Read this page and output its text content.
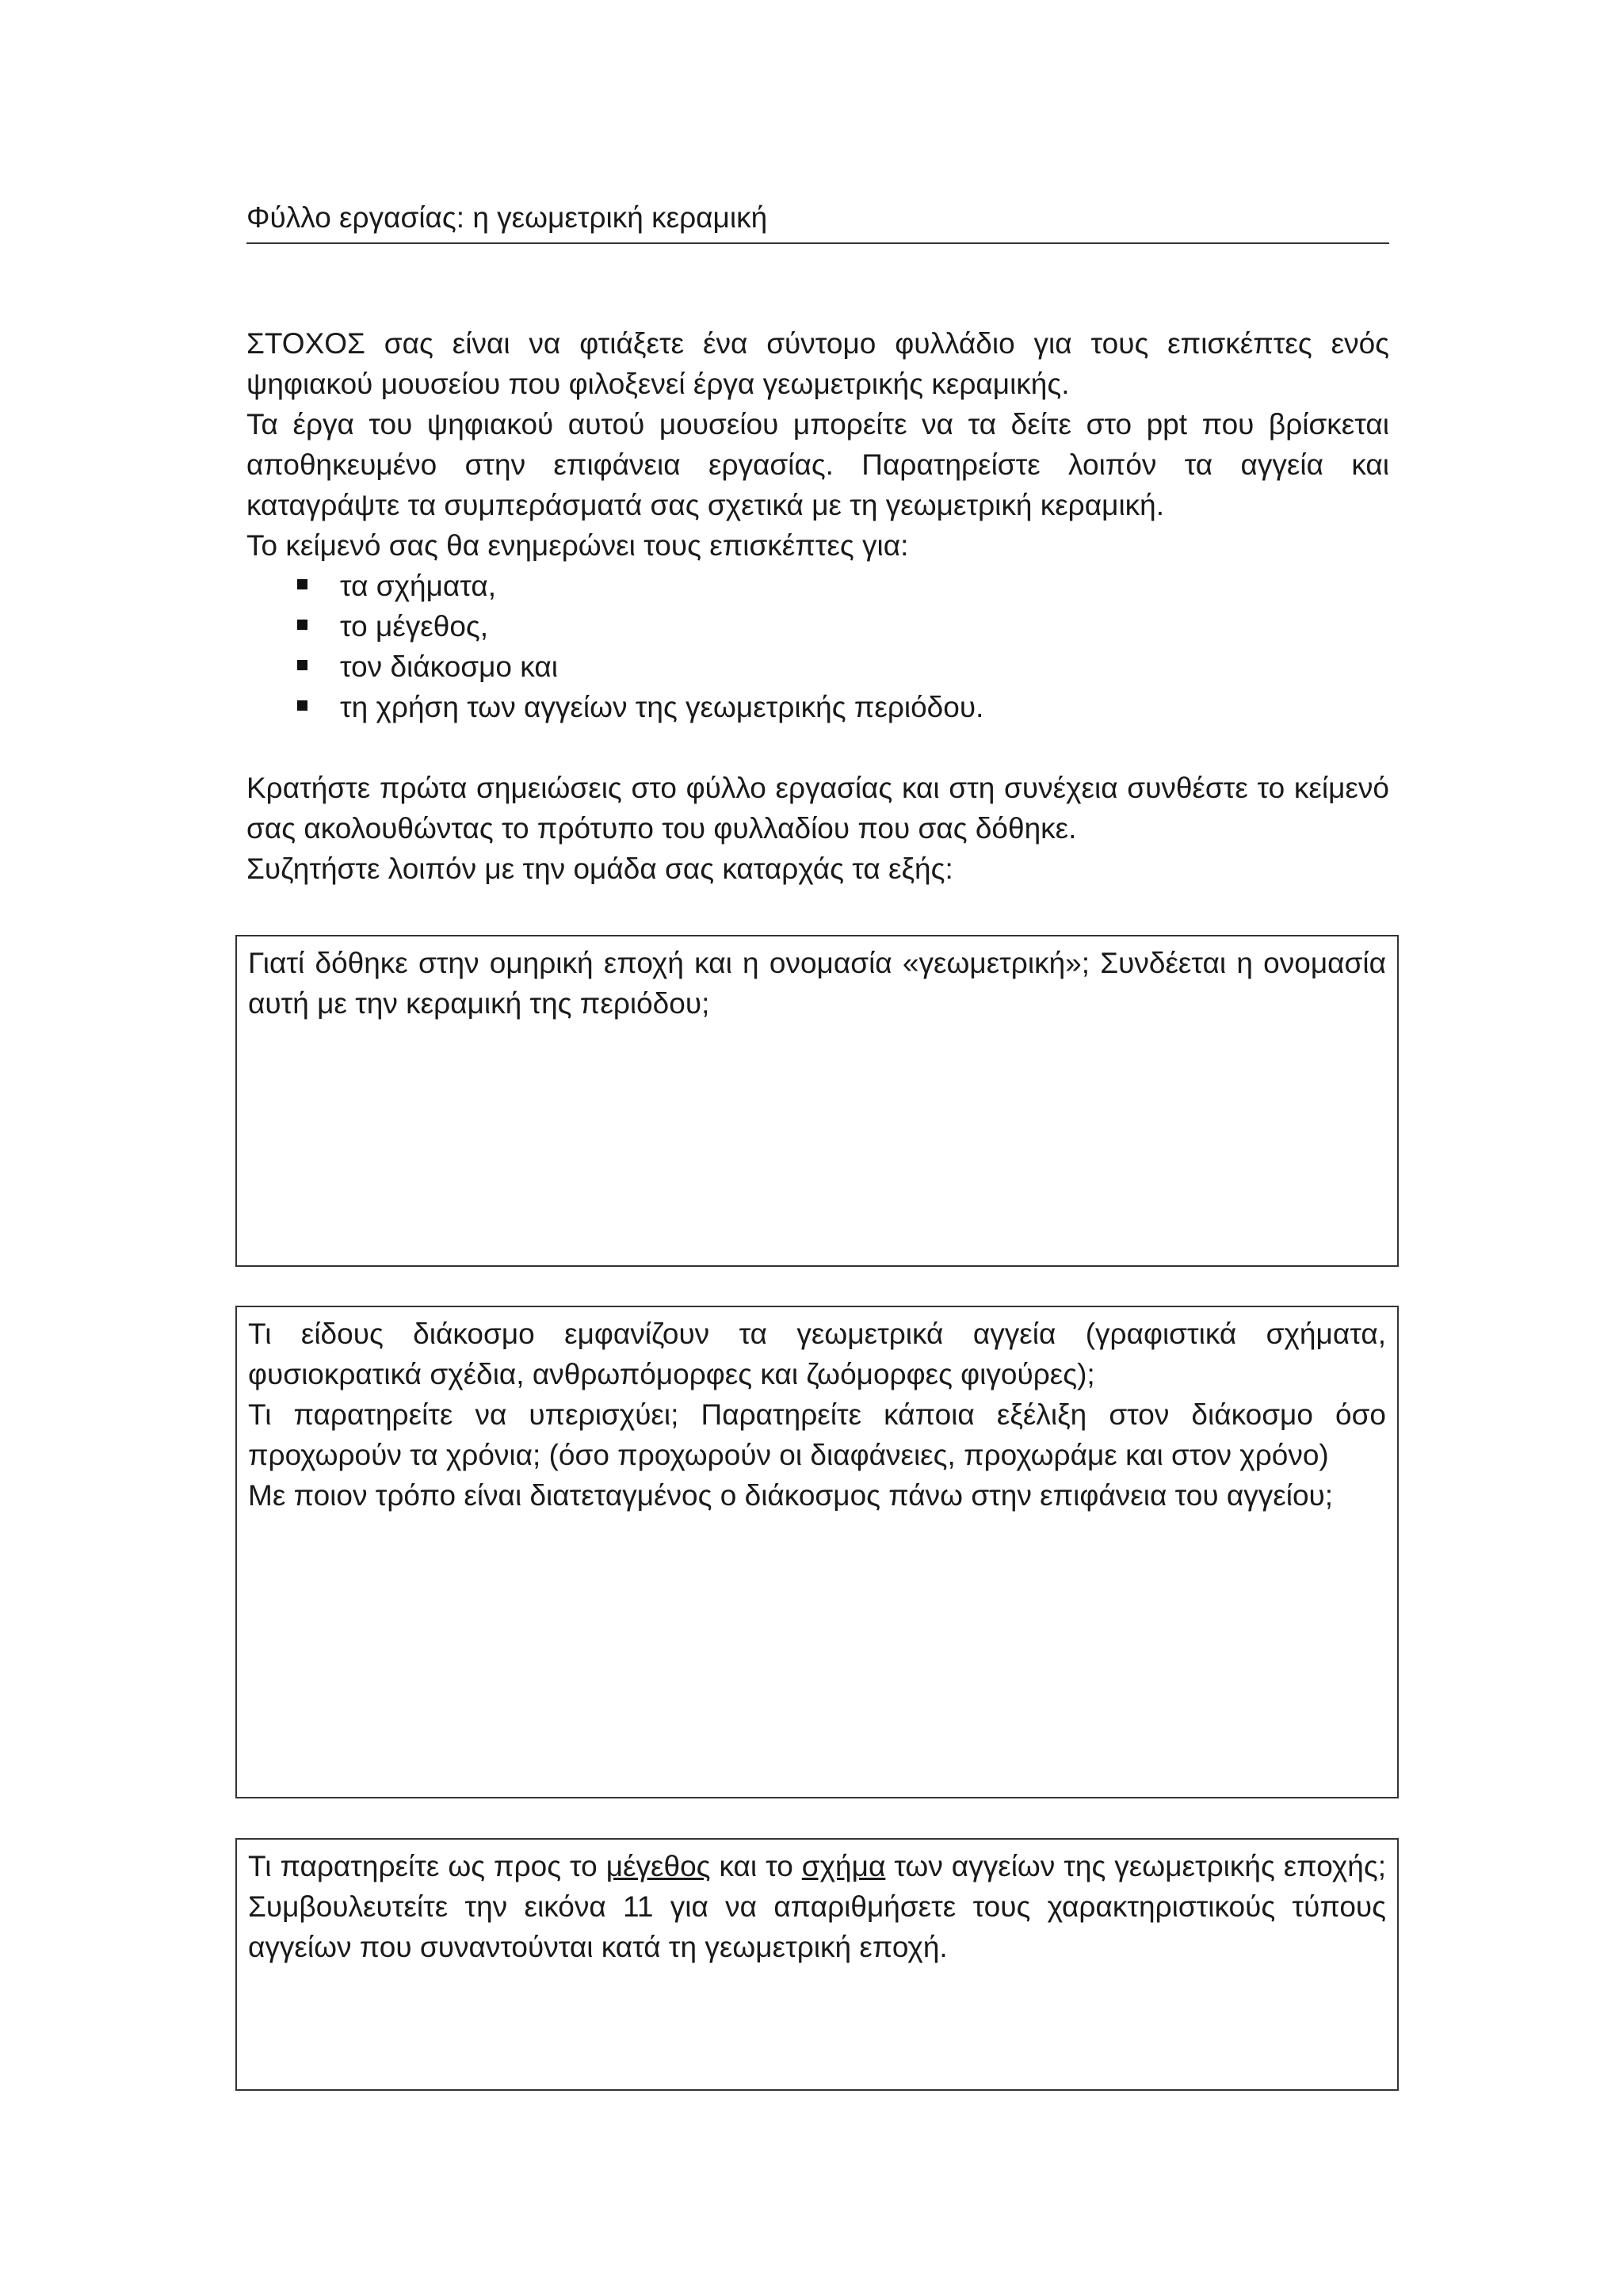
Φύλλο εργασίας: η γεωμετρική κεραμική

ΣΤΟΧΟΣ σας είναι να φτιάξετε ένα σύντομο φυλλάδιο για τους επισκέπτες ενός ψηφιακού μουσείου που φιλοξενεί έργα γεωμετρικής κεραμικής.

Τα έργα του ψηφιακού αυτού μουσείου μπορείτε να τα δείτε στο ppt που βρίσκεται αποθηκευμένο στην επιφάνεια εργασίας. Παρατηρείστε λοιπόν τα αγγεία και καταγράψτε τα συμπεράσματά σας σχετικά με τη γεωμετρική κεραμική.

Το κείμενό σας θα ενημερώνει τους επισκέπτες για:

τα σχήματα,
το μέγεθος,
τον διάκοσμο και
τη χρήση των αγγείων της γεωμετρικής περιόδου.

Κρατήστε πρώτα σημειώσεις στο φύλλο εργασίας και στη συνέχεια συνθέστε το κείμενό σας ακολουθώντας το πρότυπο του φυλλαδίου που σας δόθηκε.

Συζητήστε λοιπόν με την ομάδα σας καταρχάς τα εξής:

Γιατί δόθηκε στην ομηρική εποχή και η ονομασία «γεωμετρική»; Συνδέεται η ονομασία αυτή με την κεραμική της περιόδου;

Τι είδους διάκοσμο εμφανίζουν τα γεωμετρικά αγγεία (γραφιστικά σχήματα, φυσιοκρατικά σχέδια, ανθρωπόμορφες και ζωόμορφες φιγούρες);

Τι παρατηρείτε να υπερισχύει; Παρατηρείτε κάποια εξέλιξη στον διάκοσμο όσο προχωρούν τα χρόνια; (όσο προχωρούν οι διαφάνειες, προχωράμε και στον χρόνο)

Με ποιον τρόπο είναι διατεταγμένος ο διάκοσμος πάνω στην επιφάνεια του αγγείου;

Τι παρατηρείτε ως προς το μέγεθος και το σχήμα των αγγείων της γεωμετρικής εποχής; Συμβουλευτείτε την εικόνα 11 για να απαριθμήσετε τους χαρακτηριστικούς τύπους αγγείων που συναντούνται κατά τη γεωμετρική εποχή.
